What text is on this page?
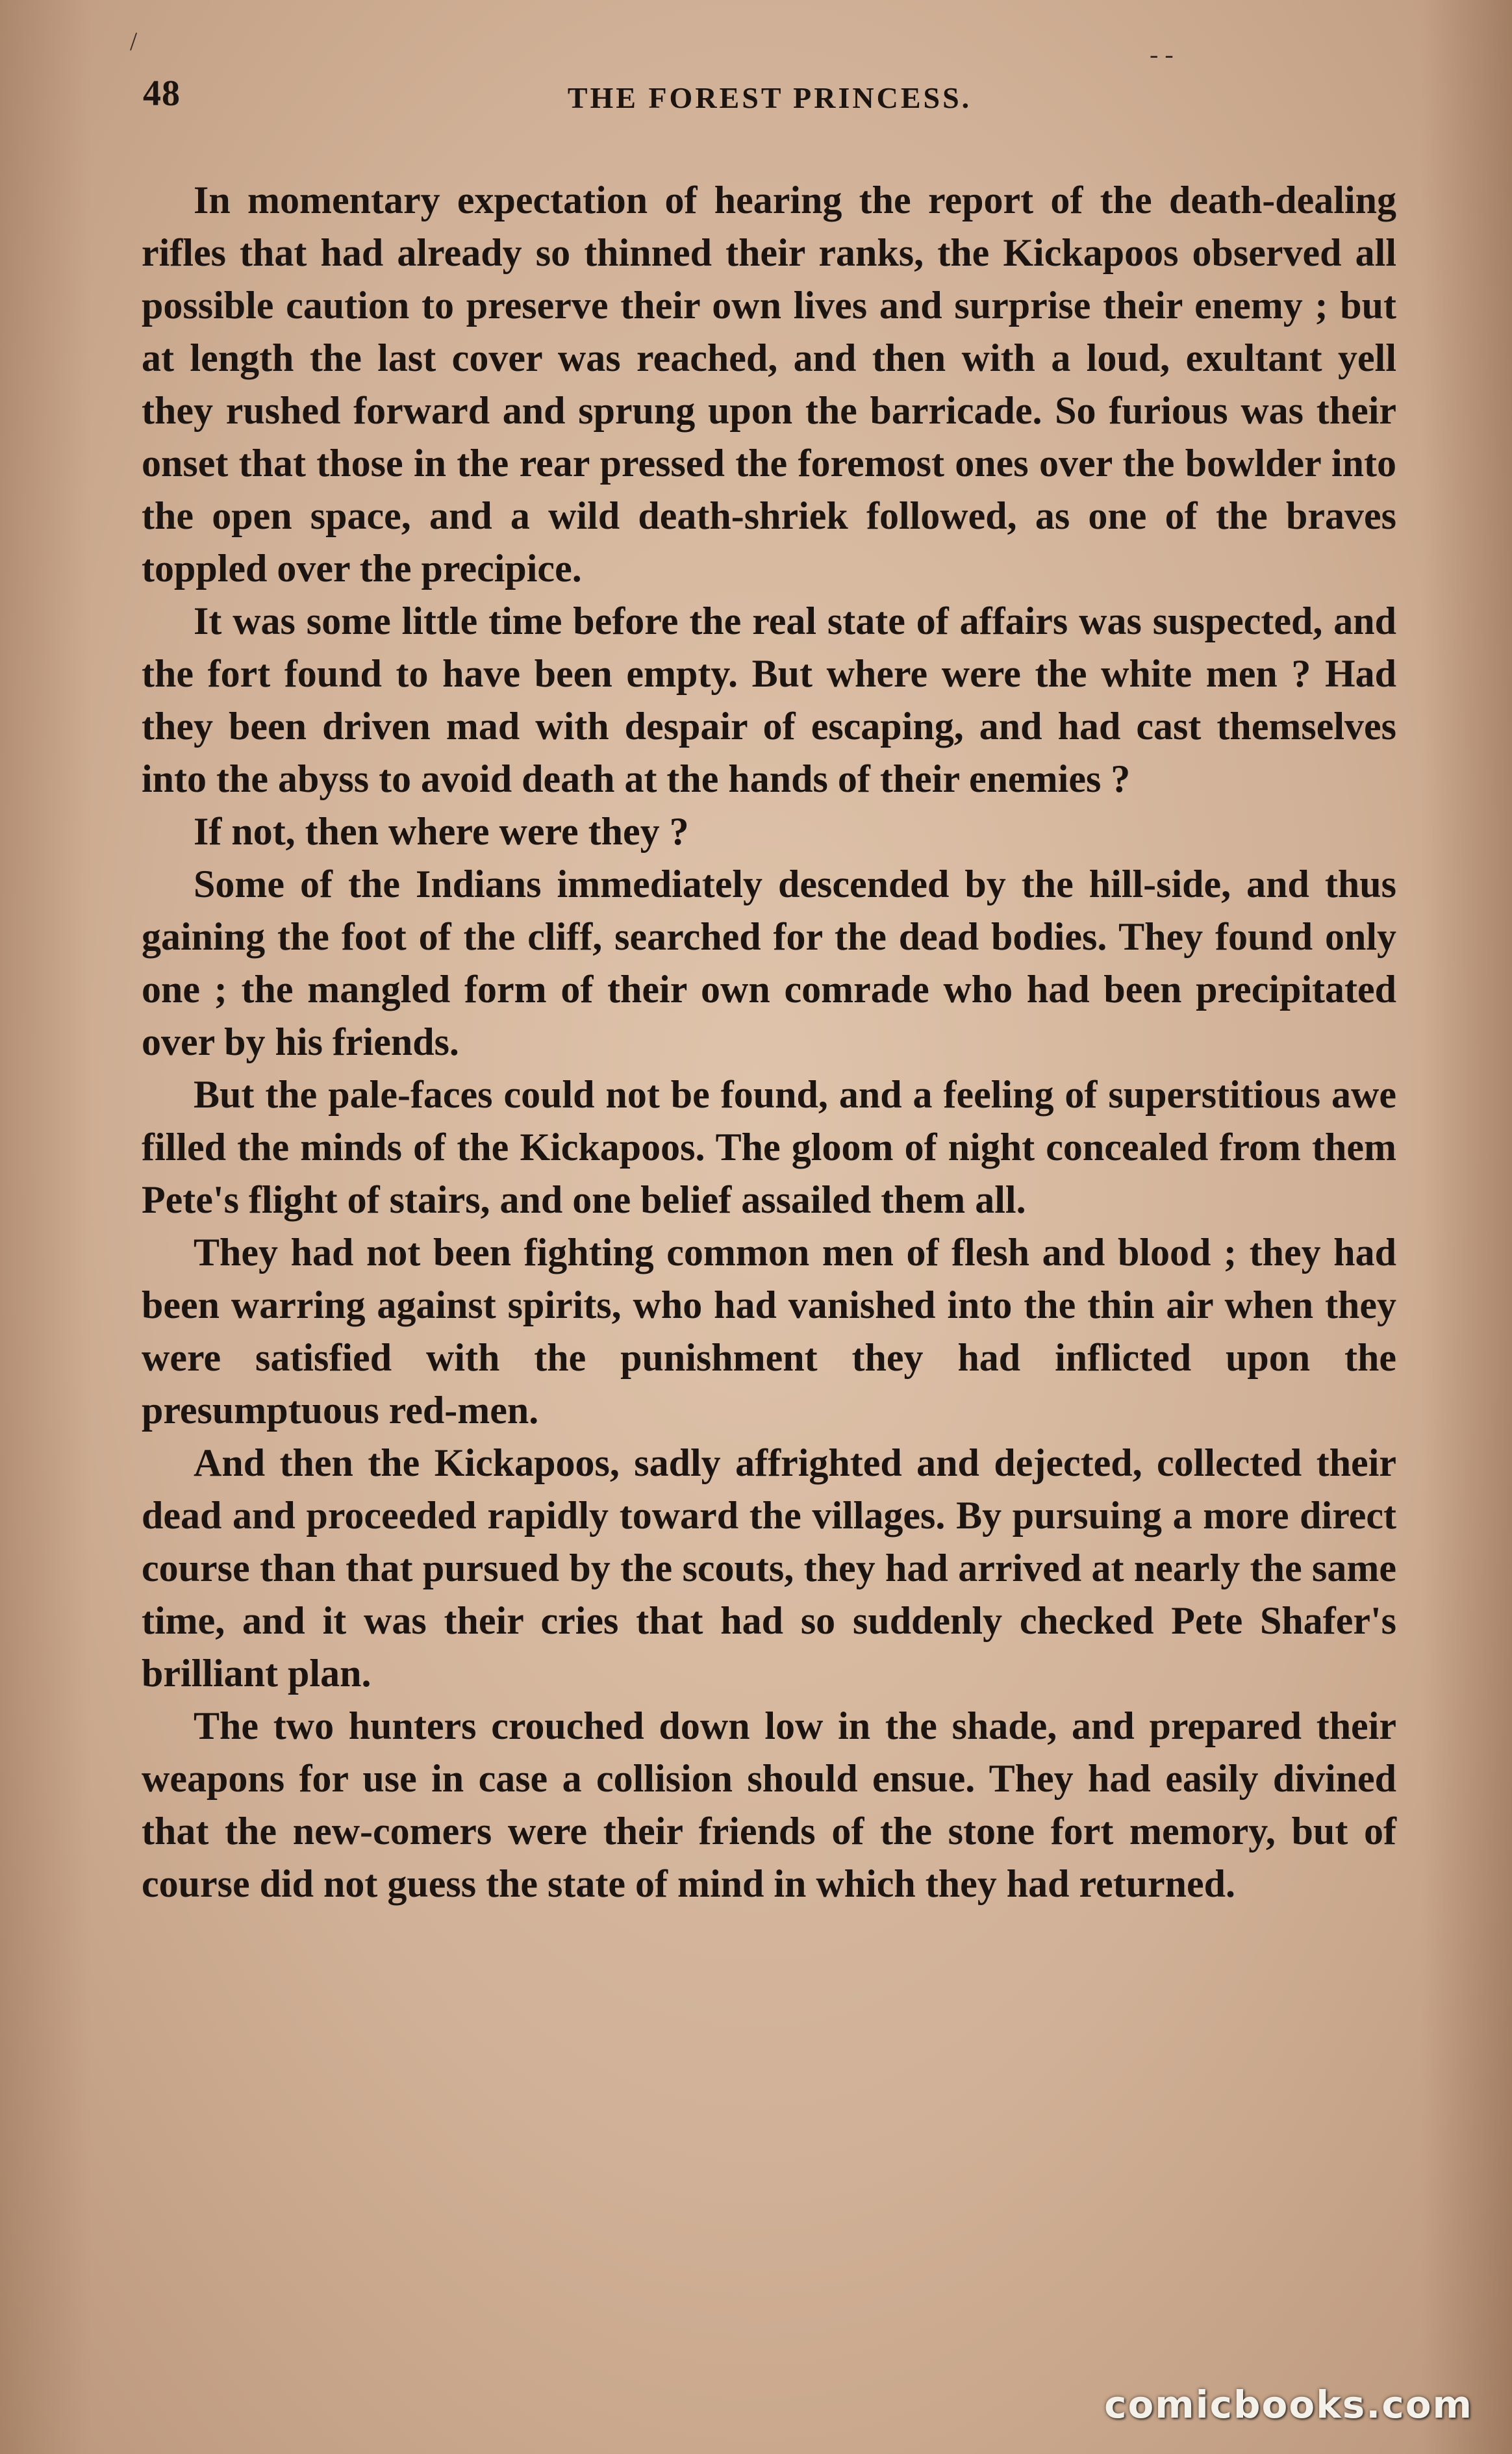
48	THE FOREST PRINCESS.
/	- -

In momentary expectation of hearing the report of the death-dealing rifles that had already so thinned their ranks, the Kickapoos observed all possible caution to preserve their own lives and surprise their enemy ; but at length the last cover was reached, and then with a loud, exultant yell they rushed forward and sprung upon the barricade. So furious was their onset that those in the rear pressed the foremost ones over the bowlder into the open space, and a wild death-shriek followed, as one of the braves toppled over the precipice.

It was some little time before the real state of affairs was suspected, and the fort found to have been empty. But where were the white men ? Had they been driven mad with despair of escaping, and had cast themselves into the abyss to avoid death at the hands of their enemies ?

If not, then where were they ?

Some of the Indians immediately descended by the hill-side, and thus gaining the foot of the cliff, searched for the dead bodies. They found only one ; the mangled form of their own comrade who had been precipitated over by his friends.

But the pale-faces could not be found, and a feeling of superstitious awe filled the minds of the Kickapoos. The gloom of night concealed from them Pete's flight of stairs, and one belief assailed them all.

They had not been fighting common men of flesh and blood ; they had been warring against spirits, who had vanished into the thin air when they were satisfied with the punishment they had inflicted upon the presumptuous red-men.

And then the Kickapoos, sadly affrighted and dejected, collected their dead and proceeded rapidly toward the villages. By pursuing a more direct course than that pursued by the scouts, they had arrived at nearly the same time, and it was their cries that had so suddenly checked Pete Shafer's brilliant plan.

The two hunters crouched down low in the shade, and prepared their weapons for use in case a collision should ensue. They had easily divined that the new-comers were their friends of the stone fort memory, but of course did not guess the state of mind in which they had returned.

comicbooks.com
